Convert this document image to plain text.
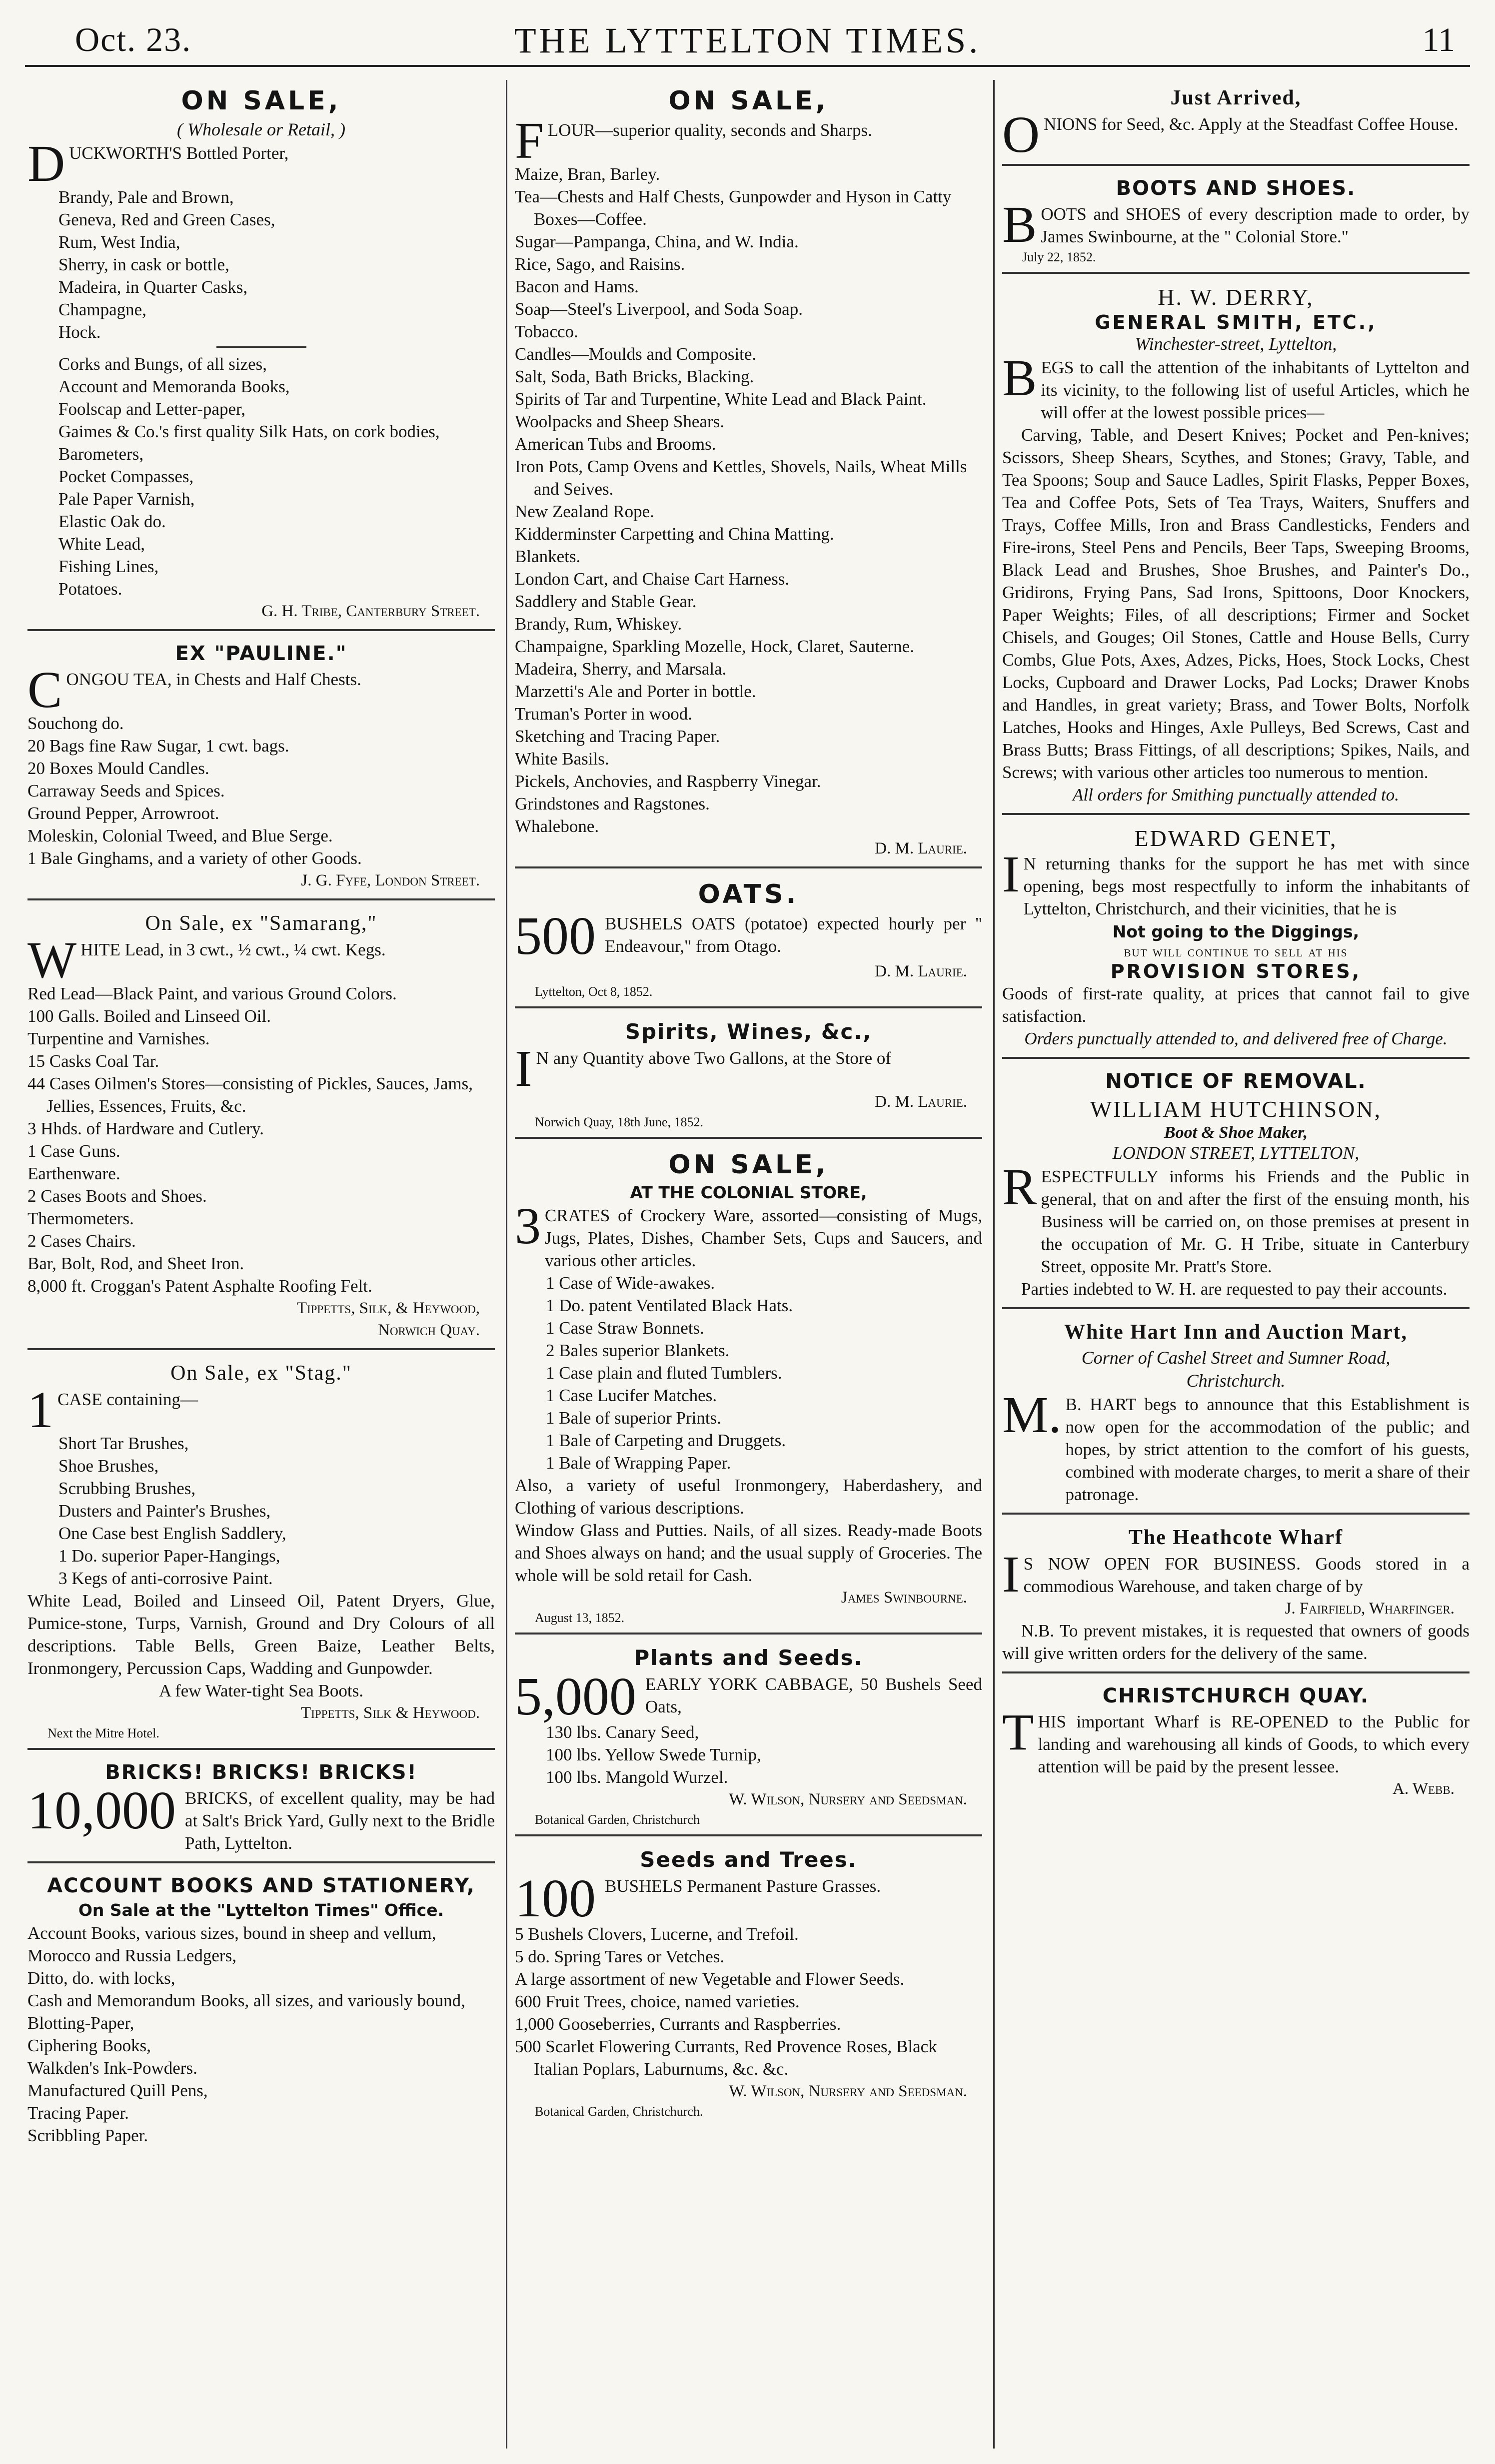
Oct. 23.	THE LYTTELTON TIMES.	11
ON SALE,
( Wholesale or Retail, )
D UCKWORTH'S Bottled Porter,
Brandy, Pale and Brown,
Geneva, Red and Green Cases,
Rum, West India,
Sherry, in cask or bottle,
Madeira, in Quarter Casks,
Champagne,
Hock.
Corks and Bungs, of all sizes,
Account and Memoranda Books,
Foolscap and Letter-paper,
Gaimes & Co.'s first quality Silk Hats, on cork bodies,
Barometers,
Pocket Compasses,
Pale Paper Varnish,
Elastic Oak do.
White Lead,
Fishing Lines,
Potatoes.
G. H. Tribe, Canterbury Street.
EX "PAULINE."
C ONGOU TEA, in Chests and Half Chests.
Souchong do.
20 Bags fine Raw Sugar, 1 cwt. bags.
20 Boxes Mould Candles.
Carraway Seeds and Spices.
Ground Pepper, Arrowroot.
Moleskin, Colonial Tweed, and Blue Serge.
1 Bale Ginghams, and a variety of other Goods.
J. G. Fyfe, London Street.
On Sale, ex "Samarang,"
W HITE Lead, in 3 cwt., ½ cwt., ¼ cwt. Kegs.
Red Lead—Black Paint, and various Ground Colors.
100 Galls. Boiled and Linseed Oil.
Turpentine and Varnishes.
15 Casks Coal Tar.
44 Cases Oilmen's Stores—consisting of Pickles, Sauces, Jams, Jellies, Essences, Fruits, &c.
3 Hhds. of Hardware and Cutlery.
1 Case Guns.
Earthenware.
2 Cases Boots and Shoes.
Thermometers.
2 Cases Chairs.
Bar, Bolt, Rod, and Sheet Iron.
8,000 ft. Croggan's Patent Asphalte Roofing Felt.
Tippetts, Silk, & Heywood,
Norwich Quay.
On Sale, ex "Stag."
1 CASE containing—
Short Tar Brushes,
Shoe Brushes,
Scrubbing Brushes,
Dusters and Painter's Brushes,
One Case best English Saddlery,
1 Do. superior Paper-Hangings,
3 Kegs of anti-corrosive Paint.
White Lead, Boiled and Linseed Oil, Patent Dryers, Glue, Pumice-stone, Turps, Varnish, Ground and Dry Colours of all descriptions. Table Bells, Green Baize, Leather Belts, Ironmongery, Percussion Caps, Wadding and Gunpowder.
A few Water-tight Sea Boots.
Tippetts, Silk & Heywood.
Next the Mitre Hotel.
BRICKS! BRICKS! BRICKS!
10,000 BRICKS, of excellent quality, may be had at Salt's Brick Yard, Gully next to the Bridle Path, Lyttelton.
ACCOUNT BOOKS AND STATIONERY,
On Sale at the "Lyttelton Times" Office.
Account Books, various sizes, bound in sheep and vellum,
Morocco and Russia Ledgers,
Ditto, do. with locks,
Cash and Memorandum Books, all sizes, and variously bound,
Blotting-Paper,
Ciphering Books,
Walkden's Ink-Powders.
Manufactured Quill Pens,
Tracing Paper.
Scribbling Paper.
ON SALE,
F LOUR—superior quality, seconds and Sharps.
Maize, Bran, Barley.
Tea—Chests and Half Chests, Gunpowder and Hyson in Catty Boxes—Coffee.
Sugar—Pampanga, China, and W. India.
Rice, Sago, and Raisins.
Bacon and Hams.
Soap—Steel's Liverpool, and Soda Soap.
Tobacco.
Candles—Moulds and Composite.
Salt, Soda, Bath Bricks, Blacking.
Spirits of Tar and Turpentine, White Lead and Black Paint.
Woolpacks and Sheep Shears.
American Tubs and Brooms.
Iron Pots, Camp Ovens and Kettles, Shovels, Nails, Wheat Mills and Seives.
New Zealand Rope.
Kidderminster Carpetting and China Matting.
Blankets.
London Cart, and Chaise Cart Harness.
Saddlery and Stable Gear.
Brandy, Rum, Whiskey.
Champaigne, Sparkling Mozelle, Hock, Claret, Sauterne.
Madeira, Sherry, and Marsala.
Marzetti's Ale and Porter in bottle.
Truman's Porter in wood.
Sketching and Tracing Paper.
White Basils.
Pickels, Anchovies, and Raspberry Vinegar.
Grindstones and Ragstones.
Whalebone.
D. M. Laurie.
OATS.
500 BUSHELS OATS (potatoe) expected hourly per " Endeavour," from Otago.
D. M. Laurie.
Lyttelton, Oct 8, 1852.
Spirits, Wines, &c.,
I N any Quantity above Two Gallons, at the Store of
D. M. Laurie.
Norwich Quay, 18th June, 1852.
ON SALE,
AT THE COLONIAL STORE,
3 CRATES of Crockery Ware, assorted—consisting of Mugs, Jugs, Plates, Dishes, Chamber Sets, Cups and Saucers, and various other articles.
1 Case of Wide-awakes.
1 Do. patent Ventilated Black Hats.
1 Case Straw Bonnets.
2 Bales superior Blankets.
1 Case plain and fluted Tumblers.
1 Case Lucifer Matches.
1 Bale of superior Prints.
1 Bale of Carpeting and Druggets.
1 Bale of Wrapping Paper.
Also, a variety of useful Ironmongery, Haberdashery, and Clothing of various descriptions.
Window Glass and Putties. Nails, of all sizes. Ready-made Boots and Shoes always on hand; and the usual supply of Groceries. The whole will be sold retail for Cash.
James Swinbourne.
August 13, 1852.
Plants and Seeds.
5,000 EARLY YORK CABBAGE, 50 Bushels Seed Oats,
130 lbs. Canary Seed,
100 lbs. Yellow Swede Turnip,
100 lbs. Mangold Wurzel.
W. Wilson, Nursery and Seedsman.
Botanical Garden, Christchurch
Seeds and Trees.
100 BUSHELS Permanent Pasture Grasses.
5 Bushels Clovers, Lucerne, and Trefoil.
5 do. Spring Tares or Vetches.
A large assortment of new Vegetable and Flower Seeds.
600 Fruit Trees, choice, named varieties.
1,000 Gooseberries, Currants and Raspberries.
500 Scarlet Flowering Currants, Red Provence Roses, Black Italian Poplars, Laburnums, &c. &c.
W. Wilson, Nursery and Seedsman.
Botanical Garden, Christchurch.
Just Arrived,
O NIONS for Seed, &c. Apply at the Steadfast Coffee House.
BOOTS AND SHOES.
B OOTS and SHOES of every description made to order, by James Swinbourne, at the " Colonial Store."
July 22, 1852.
H. W. DERRY,
GENERAL SMITH, ETC.,
Winchester-street, Lyttelton,
B EGS to call the attention of the inhabitants of Lyttelton and its vicinity, to the following list of useful Articles, which he will offer at the lowest possible prices—
Carving, Table, and Desert Knives; Pocket and Pen-knives; Scissors, Sheep Shears, Scythes, and Stones; Gravy, Table, and Tea Spoons; Soup and Sauce Ladles, Spirit Flasks, Pepper Boxes, Tea and Coffee Pots, Sets of Tea Trays, Waiters, Snuffers and Trays, Coffee Mills, Iron and Brass Candlesticks, Fenders and Fire-irons, Steel Pens and Pencils, Beer Taps, Sweeping Brooms, Black Lead and Brushes, Shoe Brushes, and Painter's Do., Gridirons, Frying Pans, Sad Irons, Spittoons, Door Knockers, Paper Weights; Files, of all descriptions; Firmer and Socket Chisels, and Gouges; Oil Stones, Cattle and House Bells, Curry Combs, Glue Pots, Axes, Adzes, Picks, Hoes, Stock Locks, Chest Locks, Cupboard and Drawer Locks, Pad Locks; Drawer Knobs and Handles, in great variety; Brass, and Tower Bolts, Norfolk Latches, Hooks and Hinges, Axle Pulleys, Bed Screws, Cast and Brass Butts; Brass Fittings, of all descriptions; Spikes, Nails, and Screws; with various other articles too numerous to mention.
All orders for Smithing punctually attended to.
EDWARD GENET,
I N returning thanks for the support he has met with since opening, begs most respectfully to inform the inhabitants of Lyttelton, Christchurch, and their vicinities, that he is
Not going to the Diggings,
but will continue to sell at his
PROVISION STORES,
Goods of first-rate quality, at prices that cannot fail to give satisfaction.
Orders punctually attended to, and delivered free of Charge.
NOTICE OF REMOVAL.
WILLIAM HUTCHINSON,
Boot & Shoe Maker,
LONDON STREET, LYTTELTON,
R ESPECTFULLY informs his Friends and the Public in general, that on and after the first of the ensuing month, his Business will be carried on, on those premises at present in the occupation of Mr. G. H Tribe, situate in Canterbury Street, opposite Mr. Pratt's Store.
Parties indebted to W. H. are requested to pay their accounts.
White Hart Inn and Auction Mart,
Corner of Cashel Street and Sumner Road,
Christchurch.
M. B. HART begs to announce that this Establishment is now open for the accommodation of the public; and hopes, by strict attention to the comfort of his guests, combined with moderate charges, to merit a share of their patronage.
The Heathcote Wharf
I S NOW OPEN FOR BUSINESS. Goods stored in a commodious Warehouse, and taken charge of by
J. Fairfield, Wharfinger.
N.B. To prevent mistakes, it is requested that owners of goods will give written orders for the delivery of the same.
CHRISTCHURCH QUAY.
T HIS important Wharf is RE-OPENED to the Public for landing and warehousing all kinds of Goods, to which every attention will be paid by the present lessee.
A. Webb.
